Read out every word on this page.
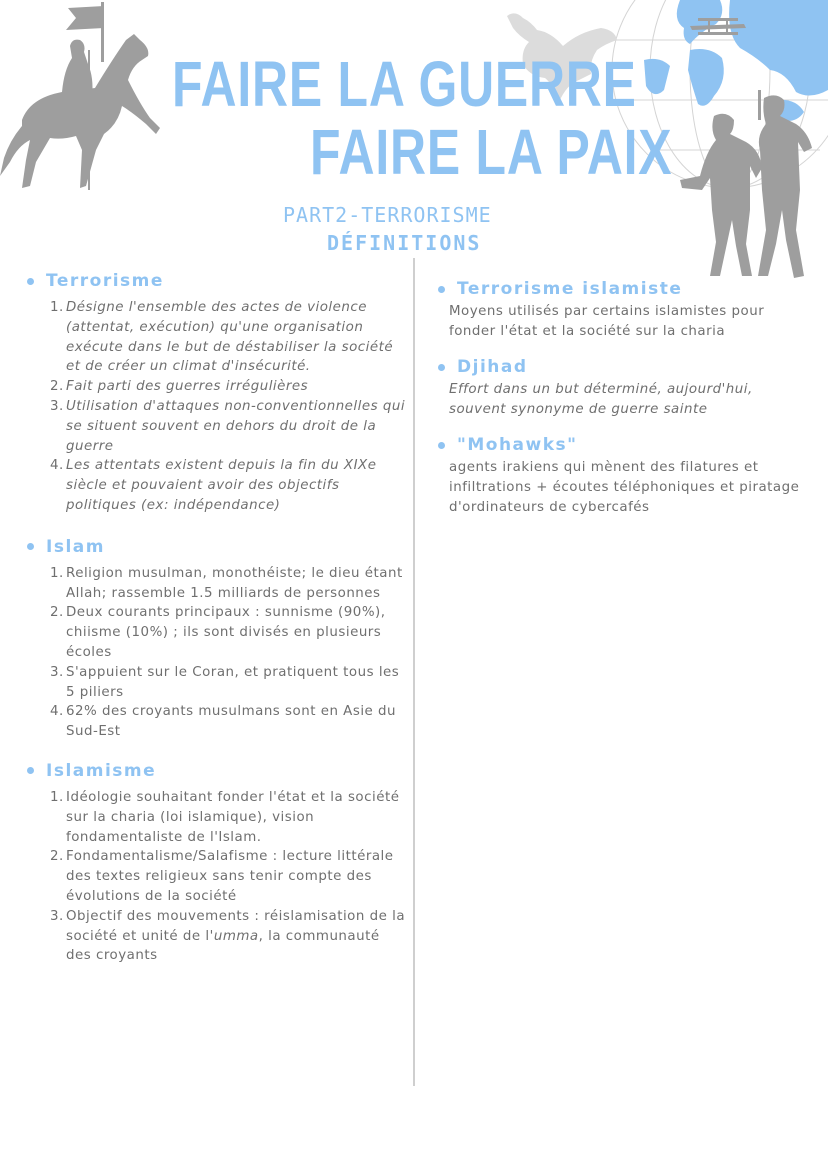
FAIRE LA GUERRE
FAIRE LA PAIX
PART2-TERRORISME
DÉFINITIONS
Terrorisme
1. Désigne l'ensemble des actes de violence (attentat, exécution) qu'une organisation exécute dans le but de déstabiliser la société et de créer un climat d'insécurité.
2. Fait parti des guerres irrégulières
3. Utilisation d'attaques non-conventionnelles qui se situent souvent en dehors du droit de la guerre
4. Les attentats existent depuis la fin du XIXe siècle et pouvaient avoir des objectifs politiques (ex: indépendance)
Islam
1. Religion musulman, monothéiste; le dieu étant Allah; rassemble 1.5 milliards de personnes
2. Deux courants principaux : sunnisme (90%), chiisme (10%) ; ils sont divisés en plusieurs écoles
3. S'appuient sur le Coran, et pratiquent tous les 5 piliers
4. 62% des croyants musulmans sont en Asie du Sud-Est
Islamisme
1. Idéologie souhaitant fonder l'état et la société sur la charia (loi islamique), vision fondamentaliste de l'Islam.
2. Fondamentalisme/Salafisme : lecture littérale des textes religieux sans tenir compte des évolutions de la société
3. Objectif des mouvements : réislamisation de la société et unité de l'umma, la communauté des croyants
Terrorisme islamiste
Moyens utilisés par certains islamistes pour fonder l'état et la société sur la charia
Djihad
Effort dans un but déterminé, aujourd'hui, souvent synonyme de guerre sainte
"Mohawks"
agents irakiens qui mènent des filatures et infiltrations + écoutes téléphoniques et piratage d'ordinateurs de cybercafés
